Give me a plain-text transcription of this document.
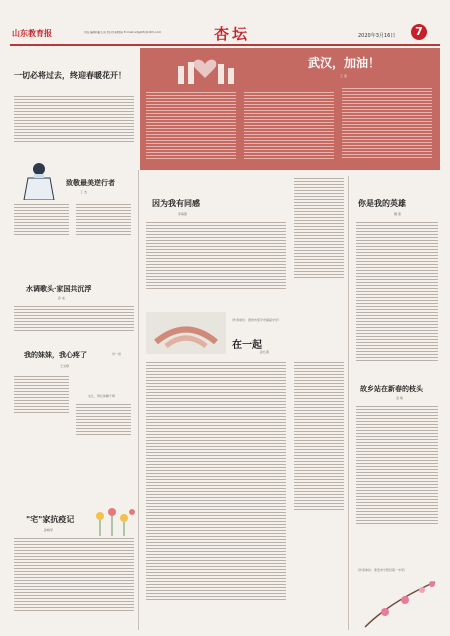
山东教育报	责任编辑/潘玉凤 校对/邓晓菊 E-mail:sdjybfk@163.com	杏坛	2020年3月16日	7
武汉，加油！
王 燕
一切必将过去，终迎春暖花开！
致敬最美逆行者
丁 杰
水调歌头·家国共沉浮
孙 成
我的妹妹，我心疼了	外一首
王文婷
女儿，再让你睡个够
"宅"家抗疫记
孙晓军
因为我有同感
李海霞
在一起
孙红燕
（作者单位：滨州市邹平市黛溪中学）
你是我的英雄
魏 燕
故乡站在新春的枝头
袁 敏
（作者单位：泰安市宁阳县第一中学）
